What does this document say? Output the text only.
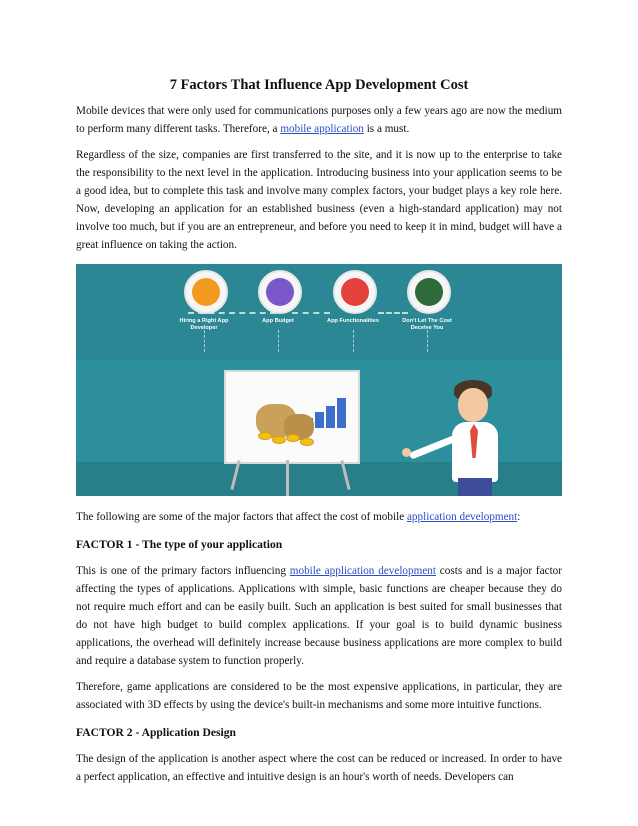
7 Factors That Influence App Development Cost

Mobile devices that were only used for communications purposes only a few years ago are now the medium to perform many different tasks. Therefore, a mobile application is a must.

Regardless of the size, companies are first transferred to the site, and it is now up to the enterprise to take the responsibility to the next level in the application. Introducing business into your application seems to be a good idea, but to complete this task and involve many complex factors, your budget plays a key role here. Now, developing an application for an established business (even a high-standard application) may not involve too much, but if you are an entrepreneur, and before you need to keep it in mind, budget will have a great influence on taking the action.

Hiring a Right App Developer
App Budget	App Functionalities	Don't Let The Cost Deceive You

The following are some of the major factors that affect the cost of mobile application development:

FACTOR 1 - The type of your application

This is one of the primary factors influencing mobile application development costs and is a major factor affecting the types of applications. Applications with simple, basic functions are cheaper because they do not require much effort and can be easily built. Such an application is best suited for small businesses that do not have high budget to build complex applications. If your goal is to build dynamic business applications, the overhead will definitely increase because business applications are more complex to build and require a database system to function properly.

Therefore, game applications are considered to be the most expensive applications, in particular, they are associated with 3D effects by using the device's built-in mechanisms and some more intuitive functions.

FACTOR 2 - Application Design

The design of the application is another aspect where the cost can be reduced or increased. In order to have a perfect application, an effective and intuitive design is an hour's worth of needs. Developers can
